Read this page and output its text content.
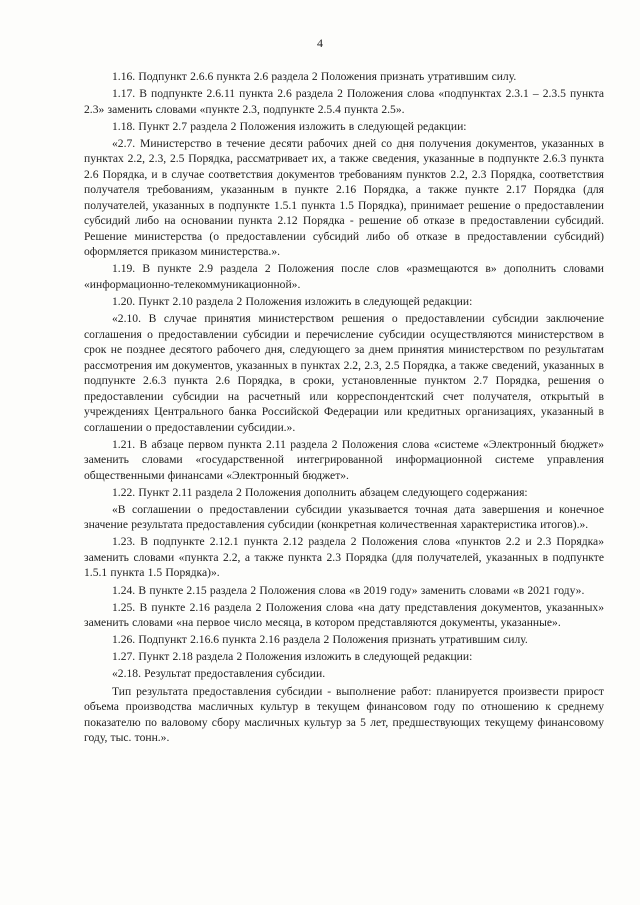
4

1.16. Подпункт 2.6.6 пункта 2.6 раздела 2 Положения признать утратившим силу.

1.17. В подпункте 2.6.11 пункта 2.6 раздела 2 Положения слова «подпунктах 2.3.1 – 2.3.5 пункта 2.3» заменить словами «пункте 2.3, подпункте 2.5.4 пункта 2.5».

1.18. Пункт 2.7 раздела 2 Положения изложить в следующей редакции:

«2.7. Министерство в течение десяти рабочих дней со дня получения документов, указанных в пунктах 2.2, 2.3, 2.5 Порядка, рассматривает их, а также сведения, указанные в подпункте 2.6.3 пункта 2.6 Порядка, и в случае соответствия документов требованиям пунктов 2.2, 2.3 Порядка, соответствия получателя требованиям, указанным в пункте 2.16 Порядка, а также пункте 2.17 Порядка (для получателей, указанных в подпункте 1.5.1 пункта 1.5 Порядка), принимает решение о предоставлении субсидий либо на основании пункта 2.12 Порядка - решение об отказе в предоставлении субсидий. Решение министерства (о предоставлении субсидий либо об отказе в предоставлении субсидий) оформляется приказом министерства.».

1.19. В пункте 2.9 раздела 2 Положения после слов «размещаются в» дополнить словами «информационно-телекоммуникационной».

1.20. Пункт 2.10 раздела 2 Положения изложить в следующей редакции:

«2.10. В случае принятия министерством решения о предоставлении субсидии заключение соглашения о предоставлении субсидии и перечисление субсидии осуществляются министерством в срок не позднее десятого рабочего дня, следующего за днем принятия министерством по результатам рассмотрения им документов, указанных в пунктах 2.2, 2.3, 2.5 Порядка, а также сведений, указанных в подпункте 2.6.3 пункта 2.6 Порядка, в сроки, установленные пунктом 2.7 Порядка, решения о предоставлении субсидии на расчетный или корреспондентский счет получателя, открытый в учреждениях Центрального банка Российской Федерации или кредитных организациях, указанный в соглашении о предоставлении субсидии.».

1.21. В абзаце первом пункта 2.11 раздела 2 Положения слова «системе «Электронный бюджет» заменить словами «государственной интегрированной информационной системе управления общественными финансами «Электронный бюджет».

1.22. Пункт 2.11 раздела 2 Положения дополнить абзацем следующего содержания:

«В соглашении о предоставлении субсидии указывается точная дата завершения и конечное значение результата предоставления субсидии (конкретная количественная характеристика итогов).».

1.23. В подпункте 2.12.1 пункта 2.12 раздела 2 Положения слова «пунктов 2.2 и 2.3 Порядка» заменить словами «пункта 2.2, а также пункта 2.3 Порядка (для получателей, указанных в подпункте 1.5.1 пункта 1.5 Порядка)».

1.24. В пункте 2.15 раздела 2 Положения слова «в 2019 году» заменить словами «в 2021 году».

1.25. В пункте 2.16 раздела 2 Положения слова «на дату представления документов, указанных» заменить словами «на первое число месяца, в котором представляются документы, указанные».

1.26. Подпункт 2.16.6 пункта 2.16 раздела 2 Положения признать утратившим силу.

1.27. Пункт 2.18 раздела 2 Положения изложить в следующей редакции:

«2.18. Результат предоставления субсидии.

Тип результата предоставления субсидии - выполнение работ: планируется произвести прирост объема производства масличных культур в текущем финансовом году по отношению к среднему показателю по валовому сбору масличных культур за 5 лет, предшествующих текущему финансовому году, тыс. тонн.».
